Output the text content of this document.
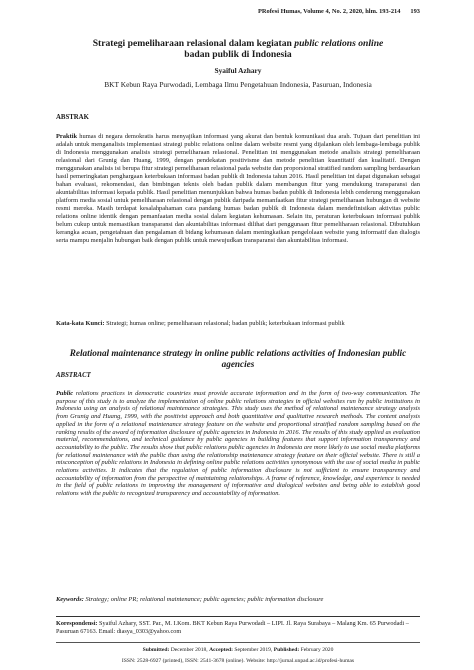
PRofesi Humas, Volume 4, No. 2, 2020, hlm. 193-214 193
Strategi pemeliharaan relasional dalam kegiatan public relations online
badan publik di Indonesia
Syaiful Azhary
BKT Kebun Raya Purwodadi, Lembaga Ilmu Pengetahuan Indonesia, Pasuruan, Indonesia
ABSTRAK
Praktik humas di negara demokratis harus menyajikan informasi yang akurat dan bentuk komunikasi dua arah. Tujuan dari penelitian ini adalah untuk menganalisis implementasi strategi public relations online dalam website resmi yang dijalankan oleh lembaga-lembaga publik di Indonesia menggunakan analisis strategi pemeliharaan relasional. Penelitian ini menggunakan metode analisis strategi pemeliharaan relasional dari Grunig dan Huang, 1999, dengan pendekatan positivisme dan metode penelitian kuantitatif dan kualitatif. Dengan menggunakan analisis isi berupa fitur strategi pemeliharaan relasional pada website dan proporsional stratified random sampling berdasarkan hasil pemeringkatan penghargaan keterbukaan informasi badan publik di Indonesia tahun 2016. Hasil penelitian ini dapat digunakan sebagai bahan evaluasi, rekomendasi, dan bimbingan teknis oleh badan publik dalam membangun fitur yang mendukung transparansi dan akuntabilitas informasi kepada publik. Hasil penelitian menunjukkan bahwa humas badan publik di Indonesia lebih cenderung menggunakan platform media sosial untuk pemeliharaan relasional dengan publik daripada memanfaatkan fitur strategi pemeliharaan hubungan di website resmi mereka. Masih terdapat kesalahpahaman cara pandang humas badan publik di Indonesia dalam mendefinisikan aktivitas public relations online identik dengan pemanfaatan media sosial dalam kegiatan kehumasan. Selain itu, peraturan keterbukaan informasi publik belum cukup untuk memastikan transparansi dan akuntabilitas informasi dilihat dari penggunaan fitur pemeliharaan relasional. Dibutuhkan kerangka acuan, pengetahuan dan pengalaman di bidang kehumasan dalam meningkatkan pengelolaan website yang informatif dan dialogis serta mampu menjalin hubungan baik dengan publik untuk mewujudkan transparansi dan akuntabilitas informasi.
Kata-kata Kunci: Strategi; humas online; pemeliharaan relasional; badan publik; keterbukaan informasi publik
Relational maintenance strategy in online public relations activities of Indonesian public agencies
ABSTRACT
Public relations practices in democratic countries must provide accurate information and in the form of two-way communication. The purpose of this study is to analyze the implementation of online public relations strategies in official websites run by public institutions in Indonesia using an analysis of relational maintenance strategies. This study uses the method of relational maintenance strategy analysis from Grunig and Huang, 1999, with the positivist approach and both quantitative and qualitative research methods. The content analysis applied in the form of a relational maintenance strategy feature on the website and proportional stratified random sampling based on the ranking results of the award of information disclosure of public agencies in Indonesia in 2016. The results of this study applied as evaluation material, recommendations, and technical guidance by public agencies in building features that support information transparency and accountability to the public. The results show that public relations public agencies in Indonesia are more likely to use social media platforms for relational maintenance with the public than using the relationship maintenance strategy feature on their official website. There is still a misconception of public relations in Indonesia in defining online public relations activities synonymous with the use of social media in public relations activities. It indicates that the regulation of public information disclosure is not sufficient to ensure transparency and accountability of information from the perspective of maintaining relationships. A frame of reference, knowledge, and experience is needed in the field of public relations in improving the management of informative and dialogical websites and being able to establish good relations with the public to recognized transparency and accountability of information.
Keywords: Strategy; online PR; relational maintenance; public agencies; public information disclosure
Korespondensi: Syaiful Azhary, SST. Par., M. I.Kom. BKT Kebun Raya Purwodadi – LIPI. Jl. Raya Surabaya – Malang Km. 65 Purwodadi – Pasuruan 67163. Email: diasya_0303@yahoo.com
Submitted: December 2018, Accepted: September 2019, Published: February 2020
ISSN: 2528-6927 (printed), ISSN: 2541-3678 (online). Website: http://jurnal.unpad.ac.id/profesi-humas
